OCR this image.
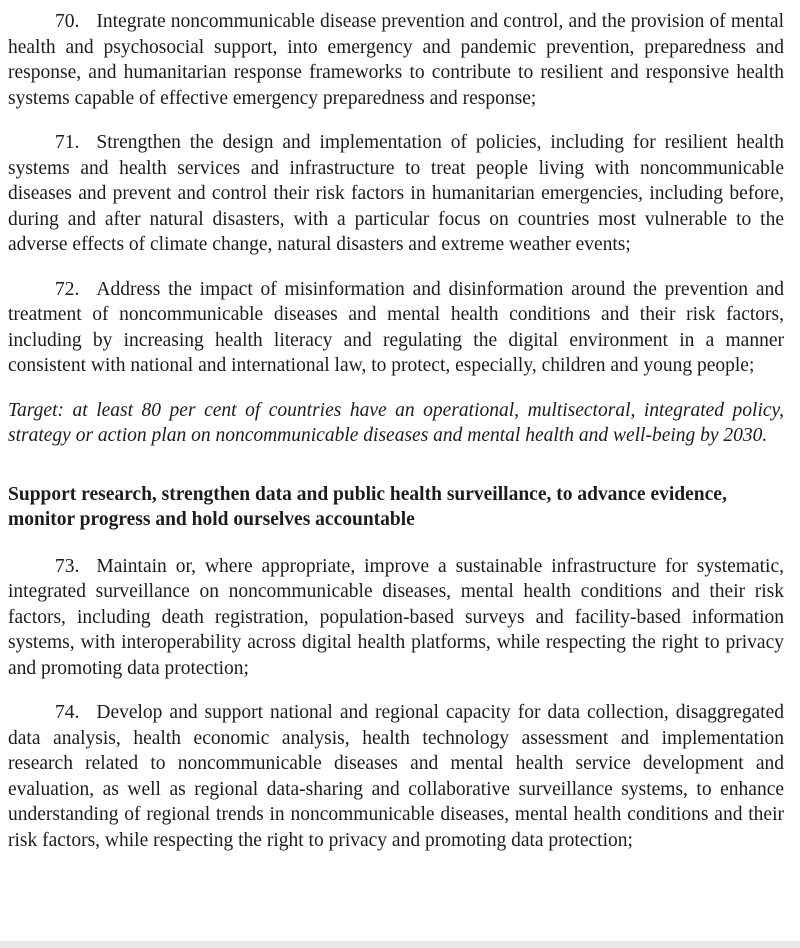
70. Integrate noncommunicable disease prevention and control, and the provision of mental health and psychosocial support, into emergency and pandemic prevention, preparedness and response, and humanitarian response frameworks to contribute to resilient and responsive health systems capable of effective emergency preparedness and response;

71. Strengthen the design and implementation of policies, including for resilient health systems and health services and infrastructure to treat people living with noncommunicable diseases and prevent and control their risk factors in humanitarian emergencies, including before, during and after natural disasters, with a particular focus on countries most vulnerable to the adverse effects of climate change, natural disasters and extreme weather events;

72. Address the impact of misinformation and disinformation around the prevention and treatment of noncommunicable diseases and mental health conditions and their risk factors, including by increasing health literacy and regulating the digital environment in a manner consistent with national and international law, to protect, especially, children and young people;

Target: at least 80 per cent of countries have an operational, multisectoral, integrated policy, strategy or action plan on noncommunicable diseases and mental health and well-being by 2030.

Support research, strengthen data and public health surveillance, to advance evidence, monitor progress and hold ourselves accountable

73. Maintain or, where appropriate, improve a sustainable infrastructure for systematic, integrated surveillance on noncommunicable diseases, mental health conditions and their risk factors, including death registration, population-based surveys and facility-based information systems, with interoperability across digital health platforms, while respecting the right to privacy and promoting data protection;

74. Develop and support national and regional capacity for data collection, disaggregated data analysis, health economic analysis, health technology assessment and implementation research related to noncommunicable diseases and mental health service development and evaluation, as well as regional data-sharing and collaborative surveillance systems, to enhance understanding of regional trends in noncommunicable diseases, mental health conditions and their risk factors, while respecting the right to privacy and promoting data protection;
